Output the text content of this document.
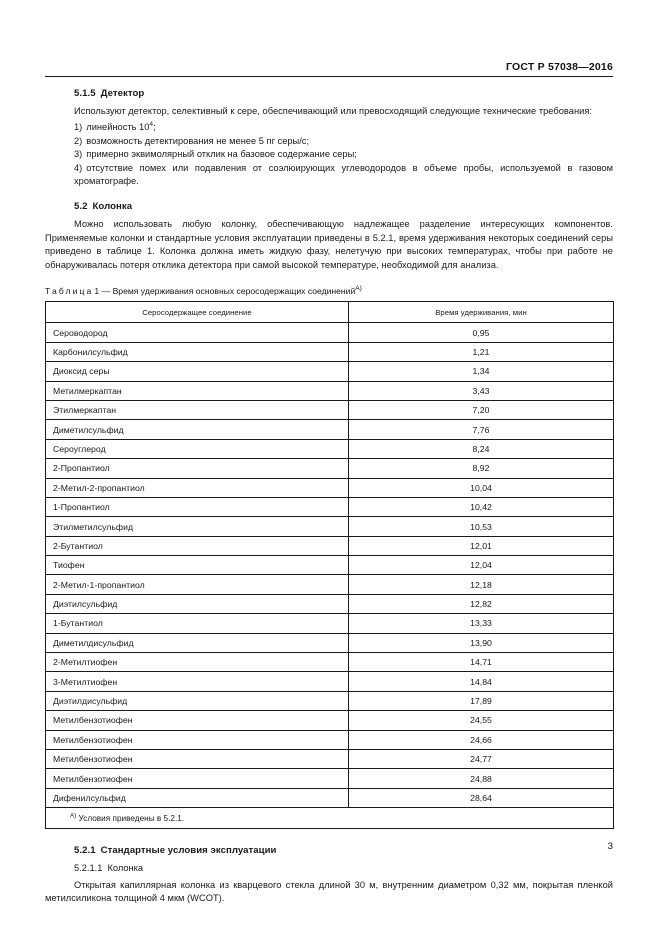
ГОСТ Р 57038—2016
5.1.5 Детектор

Используют детектор, селективный к сере, обеспечивающий или превосходящий следующие технические требования:

1) линейность $10^4$;
2) возможность детектирования не менее 5 пг серы/с;
3) примерно эквимолярный отклик на базовое содержание серы;
4) отсутствие помех или подавления от соэлюирующих углеводородов в объеме пробы, используемой в газовом хроматографе.
5.2 Колонка

Можно использовать любую колонку, обеспечивающую надлежащее разделение интересующих компонентов. Применяемые колонки и стандартные условия эксплуатации приведены в 5.2.1, время удерживания некоторых соединений серы приведено в таблице 1. Колонка должна иметь жидкую фазу, нелетучую при высоких температурах, чтобы при работе не обнаруживалась потеря отклика детектора при самой высокой температуре, необходимой для анализа.

Таблица1 — Время удерживания основных серосодержащих соединений$^{A)}$

Серосодержащее соединение	Время удерживания, мин
Сероводород	0,95
Карбонилсульфид	1,21
Диоксид серы	1,34
Метилмеркаптан	3,43
Этилмеркаптан	7,20
Диметилсульфид	7,76
Сероуглерод	8,24
2-Пропантиол	8,92
2-Метил-2-пропантиол	10,04
1-Пропантиол	10,42
Этилметилсульфид	10,53
2-Бутантиол	12,01
Тиофен	12,04
2-Метил-1-пропантиол	12,18
Диэтилсульфид	12,82
1-Бутантиол	13,33
Диметилдисульфид	13,90
2-Метилтиофен	14,71
3-Метилтиофен	14,84
Диэтилдисульфид	17,89
Метилбензотиофен	24,55
Метилбензотиофен	24,66
Метилбензотиофен	24,77
Метилбензотиофен	24,88
Дифенилсульфид	28,64
$^{A)}$ Условия приведены в 5.2.1.	
5.2.1 Стандартные условия эксплуатации

5.2.1.1 Колонка

Открытая капиллярная колонка из кварцевого стекла длиной 30 м, внутренним диаметром 0,32 мм, покрытая пленкой метилсиликона толщиной 4 мкм (WCOT).

3
